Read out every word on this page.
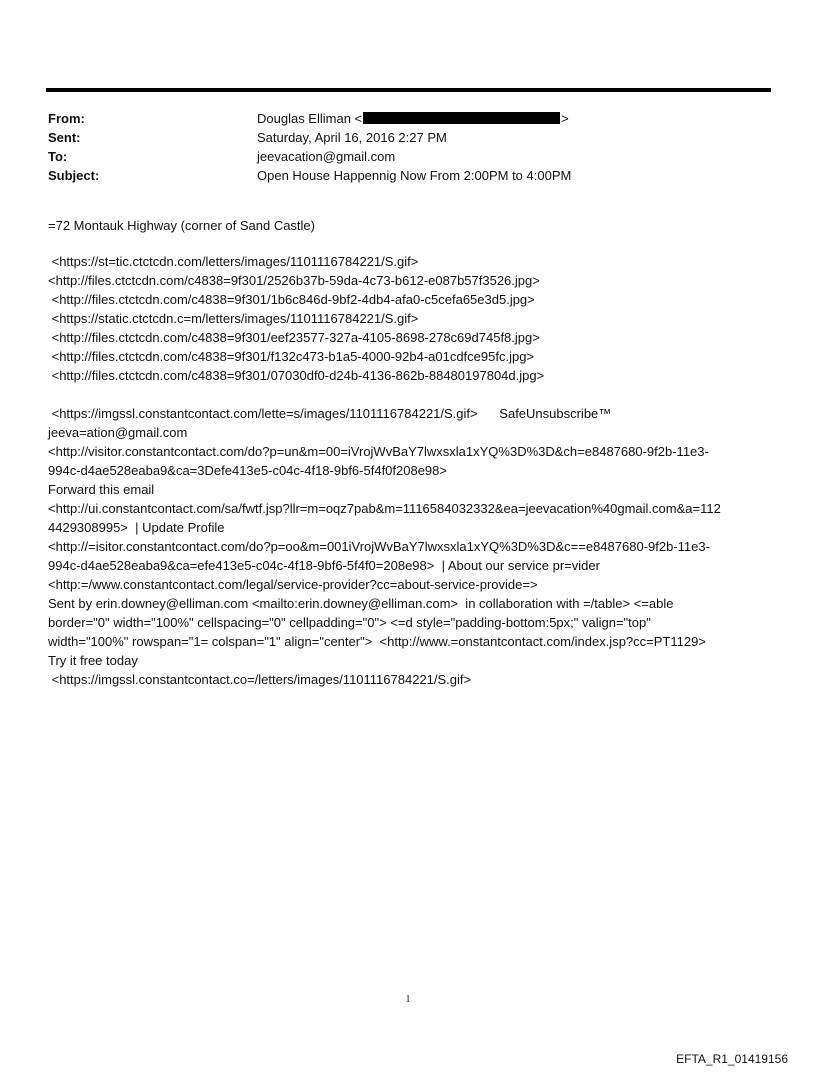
From:	Douglas Elliman <	>
Sent:	Saturday, April 16, 2016 2:27 PM
To:	jeevacation@gmail.com
Subject:	Open House Happennig Now From 2:00PM to 4:00PM

=72 Montauk Highway (corner of Sand Castle)

<https://st=tic.ctctcdn.com/letters/images/1101116784221/S.gif>

<http://files.ctctcdn.com/c4838=9f301/2526b37b-59da-4c73-b612-e087b57f3526.jpg>

<http://files.ctctcdn.com/c4838=9f301/1b6c846d-9bf2-4db4-afa0-c5cefa65e3d5.jpg>

<https://static.ctctcdn.c=m/letters/images/1101116784221/S.gif>

<http://files.ctctcdn.com/c4838=9f301/eef23577-327a-4105-8698-278c69d745f8.jpg>

<http://files.ctctcdn.com/c4838=9f301/f132c473-b1a5-4000-92b4-a01cdfce95fc.jpg>

<http://files.ctctcdn.com/c4838=9f301/07030df0-d24b-4136-862b-88480197804d.jpg>

<https://imgssl.constantcontact.com/lette=s/images/1101116784221/S.gif>      SafeUnsubscribe™

jeeva=ation@gmail.com

<http://visitor.constantcontact.com/do?p=un&m=00=iVrojWvBaY7lwxsxla1xYQ%3D%3D&ch=e8487680-9f2b-11e3-

994c-d4ae528eaba9&ca=3Defe413e5-c04c-4f18-9bf6-5f4f0f208e98>

Forward this email

<http://ui.constantcontact.com/sa/fwtf.jsp?llr=m=oqz7pab&m=1116584032332&ea=jeevacation%40gmail.com&a=112

4429308995>  | Update Profile

<http://=isitor.constantcontact.com/do?p=oo&m=001iVrojWvBaY7lwxsxla1xYQ%3D%3D&c==e8487680-9f2b-11e3-

994c-d4ae528eaba9&ca=efe413e5-c04c-4f18-9bf6-5f4f0=208e98>  | About our service pr=vider

<http:=/www.constantcontact.com/legal/service-provider?cc=about-service-provide=>

Sent by erin.downey@elliman.com <mailto:erin.downey@elliman.com>  in collaboration with =/table> <=able

border="0" width="100%" cellspacing="0" cellpadding="0"> <=d style="padding-bottom:5px;" valign="top"

width="100%" rowspan="1= colspan="1" align="center">  <http://www.=onstantcontact.com/index.jsp?cc=PT1129>

Try it free today

<https://imgssl.constantcontact.co=/letters/images/1101116784221/S.gif>

1
EFTA_R1_01419156
